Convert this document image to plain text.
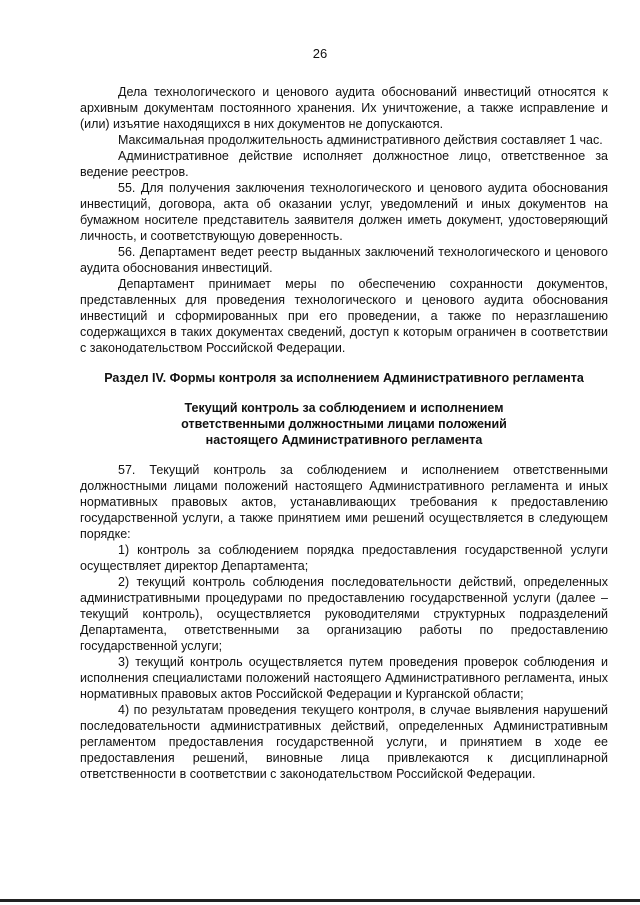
26

Дела технологического и ценового аудита обоснований инвестиций относятся к архивным документам постоянного хранения. Их уничтожение, а также исправление и (или) изъятие находящихся в них документов не допускаются.

Максимальная продолжительность административного действия составляет 1 час.

Административное действие исполняет должностное лицо, ответственное за ведение реестров.

55. Для получения заключения технологического и ценового аудита обоснования инвестиций, договора, акта об оказании услуг, уведомлений и иных документов на бумажном носителе представитель заявителя должен иметь документ, удостоверяющий личность, и соответствующую доверенность.

56. Департамент ведет реестр выданных заключений технологического и ценового аудита обоснования инвестиций.

Департамент принимает меры по обеспечению сохранности документов, представленных для проведения технологического и ценового аудита обоснования инвестиций и сформированных при его проведении, а также по неразглашению содержащихся в таких документах сведений, доступ к которым ограничен в соответствии с законодательством Российской Федерации.

Раздел IV. Формы контроля за исполнением Административного регламента

Текущий контроль за соблюдением и исполнением
ответственными должностными лицами положений
настоящего Административного регламента

57. Текущий контроль за соблюдением и исполнением ответственными должностными лицами положений настоящего Административного регламента и иных нормативных правовых актов, устанавливающих требования к предоставлению государственной услуги, а также принятием ими решений осуществляется в следующем порядке:

1) контроль за соблюдением порядка предоставления государственной услуги осуществляет директор Департамента;

2) текущий контроль соблюдения последовательности действий, определенных административными процедурами по предоставлению государственной услуги (далее – текущий контроль), осуществляется руководителями структурных подразделений Департамента, ответственными за организацию работы по предоставлению государственной услуги;

3) текущий контроль осуществляется путем проведения проверок соблюдения и исполнения специалистами положений настоящего Административного регламента, иных нормативных правовых актов Российской Федерации и Курганской области;

4) по результатам проведения текущего контроля, в случае выявления нарушений последовательности административных действий, определенных Административным регламентом предоставления государственной услуги, и принятием в ходе ее предоставления решений, виновные лица привлекаются к дисциплинарной ответственности в соответствии с законодательством Российской Федерации.
